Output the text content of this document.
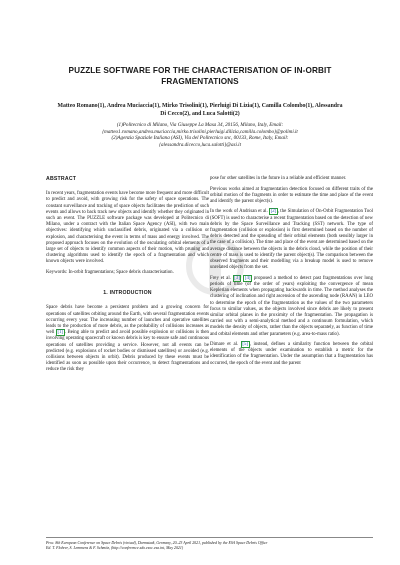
PUZZLE SOFTWARE FOR THE CHARACTERISATION OF IN-ORBIT
FRAGMENTATIONS
Matteo Romano(1), Andrea Muciaccia(1), Mirko Trisolini(1), Pierluigi Di Lizia(1), Camilla Colombo(1), Alessandra
Di Cecco(2), and Luca Salotti(2)
(1)Politecnico di Milano, Via Giuseppe La Masa 34, 20156, Milano, Italy, Email:
{matteo1.romano,andrea.muciaccia,mirko.trisolini,pierluigi.dilizia,camilla.colombo}@polimi.it
(2)Agenzia Spaziale Italiana (ASI), Via del Politecnico snc, 00133, Rome, Italy, Email:
{alessandra.dicecco,luca.salotti}@asi.it
ABSTRACT

In recent years, fragmentation events have become more frequent and more difficult to predict and avoid, with growing risk for the safety of space operations. The constant surveillance and tracking of space objects facilitates the prediction of such events and allows to back track new objects and identify whether they originated in such an event. The PUZZLE software package was developed at Politecnico di Milano, under a contract with the Italian Space Agency (ASI), with two main objectives: identifying which unclassified debris, originated via a collision or explosion, and characterising the event in terms of mass and energy involved. The proposed approach focuses on the evolution of the osculating orbital elements of a large set of objects to identify common aspects of their motion, with pruning and clustering algorithms used to identify the epoch of a fragmentation and which known objects were involved.

Keywords: In-orbit fragmentations; Space debris characterisation.

1. INTRODUCTION

Space debris have become a persistent problem and a growing concern for operations of satellites orbiting around the Earth, with several fragmentation events occurring every year. The increasing number of launches and operative satellites leads to the production of more debris, as the probability of collisions increases as well [1] . Being able to predict and avoid possible explosion or collisions is then involving operating spacecraft or known debris is key to ensure safe and continuous operations of satellites providing a service. However, not all events can be predicted (e.g. explosions of rocket bodies or dismissed satellites) or avoided (e.g. collisions between objects in orbit). Debris produced by these events must be identified as soon as possible upon their occurrence, to detect fragmentations and reduce the risk they

pose for other satellites in the future in a reliable and efficient manner.

Previous works aimed at fragmentation detection focused on different traits of the orbital motion of the fragments in order to estimate the time and place of the event and identify the parent object(s).

In the work of Andrisan et al. [2] , the Simulation of On-Orbit Fragmentation Tool (SOFT) is used to characterise a recent fragmentation based on the detection of new debris by the Space Surveillance and Tracking (SST) network. The type of fragmentation (collision or explosion) is first determined based on the number of debris detected and the spreading of their orbital elements (both sensibly larger in the case of a collision). The time and place of the event are determined based on the average distance between the objects in the debris cloud, while the position of their centre of mass is used to identify the parent object(s). The comparison between the observed fragments and their modelling via a breakup model is used to remove unrelated objects from the set.

Frey et al. [3] [4] proposed a method to detect past fragmentations over long periods of time (of the order of years) exploiting the convergence of mean Keplerian elements when propagating backwards in time. The method analyses the clustering of inclination and right ascension of the ascending node (RAAN) in LEO to determine the epoch of the fragmentation as the values of the two parameters focus to similar values, as the objects involved since debris are likely to present similar orbital planes in the proximity of the fragmentation. The propagation is carried out with a semi-analytical method and a continuum formulation, which models the density of objects, rather than the objects separately, as function of time and orbital elements and other parameters (e.g. area-to-mass ratio).

Dimare et al. [5] , instead, defines a similarity function between the orbital elements of the objects under examination to establish a metric for the identification of the fragmentation. Under the assumption that a fragmentation has occurred, the epoch of the event and the parent

Proc. 8th European Conference on Space Debris (virtual), Darmstadt, Germany, 20–23 April 2021, published by the ESA Space Debris Office
Ed. T. Flohrer, S. Lemmens & F. Schmitz, (http://conference.sdo.esoc.esa.int, May 2021)
